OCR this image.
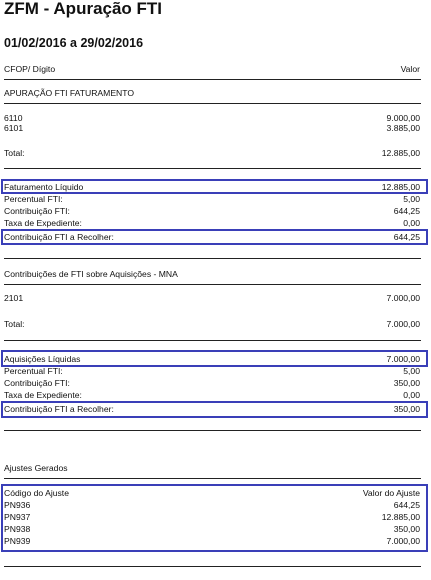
ZFM - Apuração FTI
01/02/2016 a 29/02/2016
CFOP/ Dígito	Valor
APURAÇÃO FTI FATURAMENTO
6110	9.000,00
6101	3.885,00
Total:	12.885,00
Faturamento Líquido	12.885,00
Percentual FTI:	5,00
Contribuição FTI:	644,25
Taxa de Expediente:	0,00
Contribuição FTI a Recolher:	644,25
Contribuições de FTI sobre Aquisições - MNA
2101	7.000,00
Total:	7.000,00
Aquisições Líquidas	7.000,00
Percentual FTI:	5,00
Contribuição FTI:	350,00
Taxa de Expediente:	0,00
Contribuição FTI a Recolher:	350,00
Ajustes Gerados
Código do Ajuste	Valor do Ajuste
PN936	644,25
PN937	12.885,00
PN938	350,00
PN939	7.000,00
